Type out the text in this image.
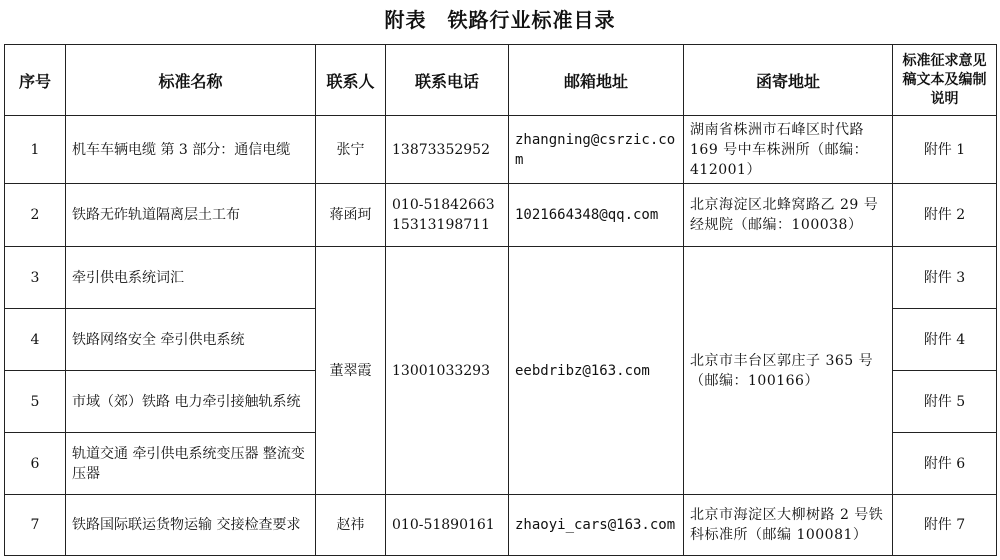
附表　铁路行业标准目录
序号	标准名称	联系人	联系电话	邮箱地址	函寄地址	标准征求意见稿文本及编制说明
1	机车车辆电缆 第 3 部分：通信电缆	张宁	13873352952	zhangning@csrzic.com	湖南省株洲市石峰区时代路 169 号中车株洲所（邮编：412001）	附件 1
2	铁路无砟轨道隔离层土工布	蒋函珂	010-51842663 15313198711	1021664348@qq.com	北京海淀区北蜂窝路乙 29 号经规院（邮编：100038）	附件 2
3	牵引供电系统词汇	董翠霞	13001033293	eebdribz@163.com	北京市丰台区郭庄子 365 号（邮编：100166）	附件 3
4	铁路网络安全 牵引供电系统					附件 4
5	市域（郊）铁路 电力牵引接触轨系统					附件 5
6	轨道交通 牵引供电系统变压器 整流变压器					附件 6
7	铁路国际联运货物运输 交接检查要求	赵祎	010-51890161	zhaoyi_cars@163.com	北京市海淀区大柳树路 2 号铁科标准所（邮编 100081）	附件 7
